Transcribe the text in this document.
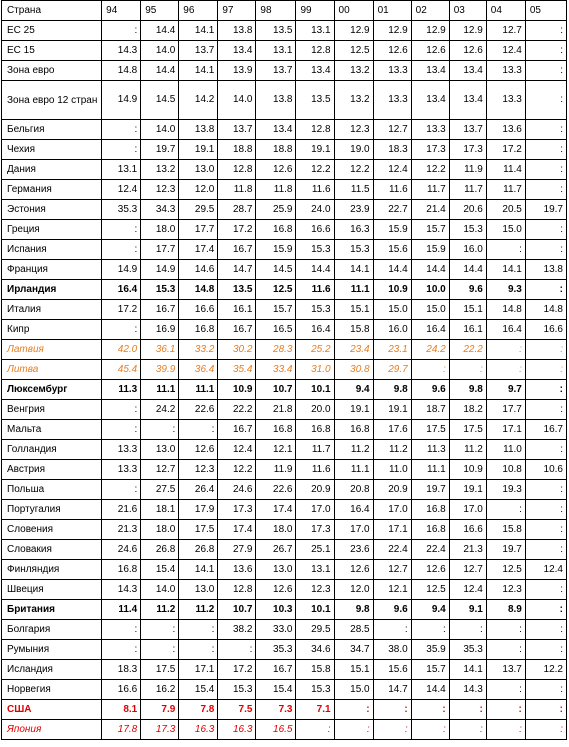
Страна	94	95	96	97	98	99	00	01	02	03	04	05
ЕС 25	:	14.4	14.1	13.8	13.5	13.1	12.9	12.9	12.9	12.9	12.7	:
ЕС 15	14.3	14.0	13.7	13.4	13.1	12.8	12.5	12.6	12.6	12.6	12.4	:
Зона евро	14.8	14.4	14.1	13.9	13.7	13.4	13.2	13.3	13.4	13.4	13.3	:
Зона евро 12 стран	14.9	14.5	14.2	14.0	13.8	13.5	13.2	13.3	13.4	13.4	13.3	:
Бельгия	:	14.0	13.8	13.7	13.4	12.8	12.3	12.7	13.3	13.7	13.6	:
Чехия	:	19.7	19.1	18.8	18.8	19.1	19.0	18.3	17.3	17.3	17.2	:
Дания	13.1	13.2	13.0	12.8	12.6	12.2	12.2	12.4	12.2	11.9	11.4	:
Германия	12.4	12.3	12.0	11.8	11.8	11.6	11.5	11.6	11.7	11.7	11.7	:
Эстония	35.3	34.3	29.5	28.7	25.9	24.0	23.9	22.7	21.4	20.6	20.5	19.7
Греция	:	18.0	17.7	17.2	16.8	16.6	16.3	15.9	15.7	15.3	15.0	:
Испания	:	17.7	17.4	16.7	15.9	15.3	15.3	15.6	15.9	16.0	:	:
Франция	14.9	14.9	14.6	14.7	14.5	14.4	14.1	14.4	14.4	14.4	14.1	13.8
Ирландия	16.4	15.3	14.8	13.5	12.5	11.6	11.1	10.9	10.0	9.6	9.3	:
Италия	17.2	16.7	16.6	16.1	15.7	15.3	15.1	15.0	15.0	15.1	14.8	14.8
Кипр	:	16.9	16.8	16.7	16.5	16.4	15.8	16.0	16.4	16.1	16.4	16.6
Латвия	42.0	36.1	33.2	30.2	28.3	25.2	23.4	23.1	24.2	22.2	:	:
Литва	45.4	39.9	36.4	35.4	33.4	31.0	30.8	29.7	:	:	:	:
Люксембург	11.3	11.1	11.1	10.9	10.7	10.1	9.4	9.8	9.6	9.8	9.7	:
Венгрия	:	24.2	22.6	22.2	21.8	20.0	19.1	19.1	18.7	18.2	17.7	:
Мальта	:	:	:	16.7	16.8	16.8	16.8	17.6	17.5	17.5	17.1	16.7
Голландия	13.3	13.0	12.6	12.4	12.1	11.7	11.2	11.2	11.3	11.2	11.0	:
Австрия	13.3	12.7	12.3	12.2	11.9	11.6	11.1	11.0	11.1	10.9	10.8	10.6
Польша	:	27.5	26.4	24.6	22.6	20.9	20.8	20.9	19.7	19.1	19.3	:
Португалия	21.6	18.1	17.9	17.3	17.4	17.0	16.4	17.0	16.8	17.0	:	:
Словения	21.3	18.0	17.5	17.4	18.0	17.3	17.0	17.1	16.8	16.6	15.8	:
Словакия	24.6	26.8	26.8	27.9	26.7	25.1	23.6	22.4	22.4	21.3	19.7	:
Финляндия	16.8	15.4	14.1	13.6	13.0	13.1	12.6	12.7	12.6	12.7	12.5	12.4
Швеция	14.3	14.0	13.0	12.8	12.6	12.3	12.0	12.1	12.5	12.4	12.3	:
Британия	11.4	11.2	11.2	10.7	10.3	10.1	9.8	9.6	9.4	9.1	8.9	:
Болгария	:	:	:	38.2	33.0	29.5	28.5	:	:	:	:	:
Румыния	:	:	:	:	35.3	34.6	34.7	38.0	35.9	35.3	:	:
Исландия	18.3	17.5	17.1	17.2	16.7	15.8	15.1	15.6	15.7	14.1	13.7	12.2
Норвегия	16.6	16.2	15.4	15.3	15.4	15.3	15.0	14.7	14.4	14.3	:	:
США	8.1	7.9	7.8	7.5	7.3	7.1	:	:	:	:	:	:
Япония	17.8	17.3	16.3	16.3	16.5	:	:	:	:	:	:	:
